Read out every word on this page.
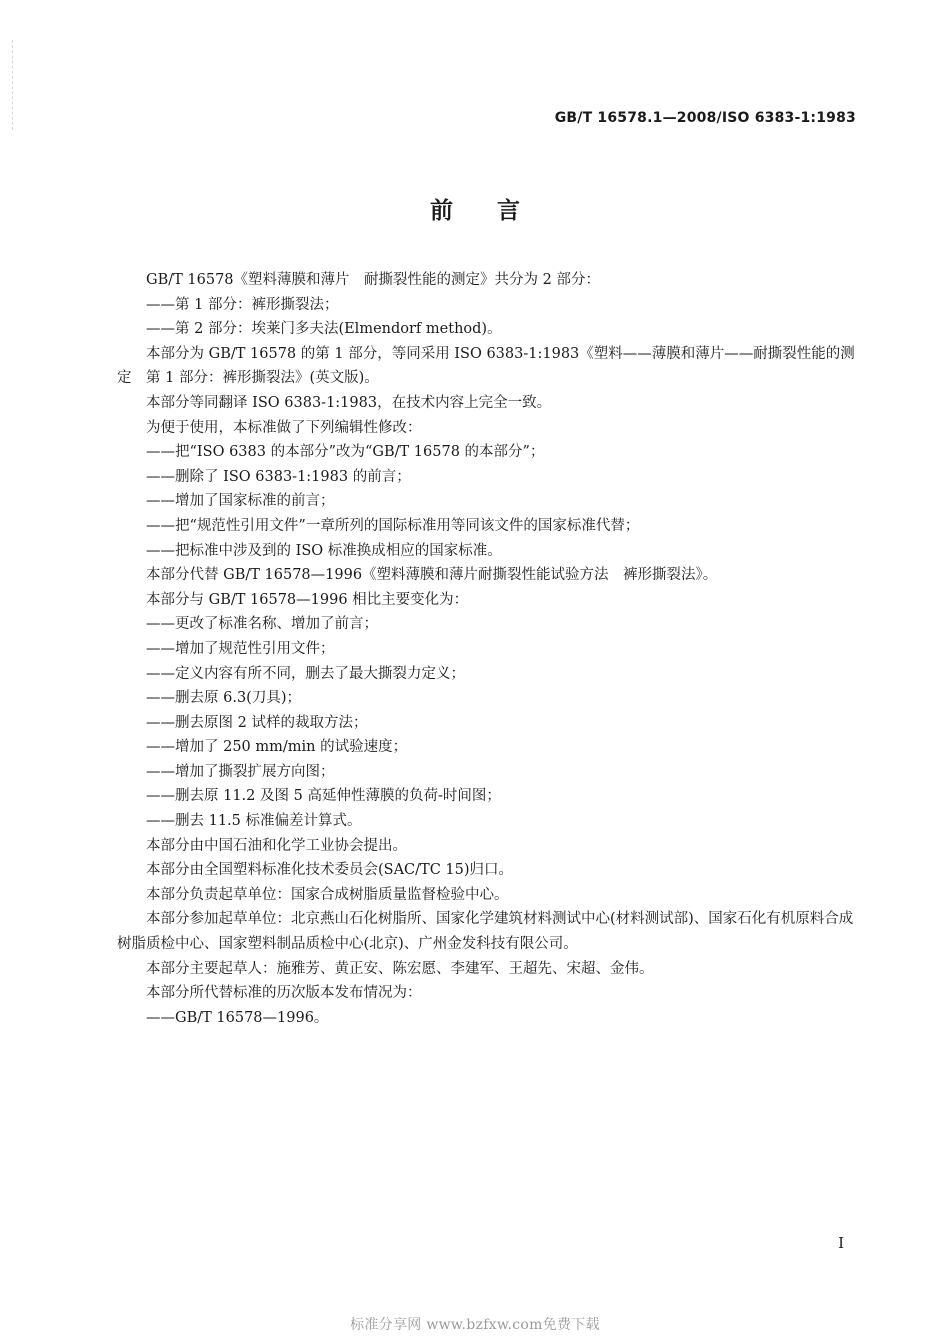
GB/T 16578.1—2008/ISO 6383-1:1983
前 言

GB/T 16578《塑料薄膜和薄片　耐撕裂性能的测定》共分为 2 部分：

——第 1 部分：裤形撕裂法；

——第 2 部分：埃莱门多夫法(Elmendorf method)。

本部分为 GB/T 16578 的第 1 部分，等同采用 ISO 6383-1:1983《塑料——薄膜和薄片——耐撕裂性能的测定　第 1 部分：裤形撕裂法》(英文版)。

本部分等同翻译 ISO 6383-1:1983，在技术内容上完全一致。

为便于使用，本标准做了下列编辑性修改：

——把“ISO 6383 的本部分”改为“GB/T 16578 的本部分”；

——删除了 ISO 6383-1:1983 的前言；

——增加了国家标准的前言；

——把“规范性引用文件”一章所列的国际标准用等同该文件的国家标准代替；

——把标准中涉及到的 ISO 标准换成相应的国家标准。

本部分代替 GB/T 16578—1996《塑料薄膜和薄片耐撕裂性能试验方法　裤形撕裂法》。

本部分与 GB/T 16578—1996 相比主要变化为：

——更改了标准名称、增加了前言；

——增加了规范性引用文件；

——定义内容有所不同，删去了最大撕裂力定义；

——删去原 6.3(刀具)；

——删去原图 2 试样的裁取方法；

——增加了 250 mm/min 的试验速度；

——增加了撕裂扩展方向图；

——删去原 11.2 及图 5 高延伸性薄膜的负荷-时间图；

——删去 11.5 标准偏差计算式。

本部分由中国石油和化学工业协会提出。

本部分由全国塑料标准化技术委员会(SAC/TC 15)归口。

本部分负责起草单位：国家合成树脂质量监督检验中心。

本部分参加起草单位：北京燕山石化树脂所、国家化学建筑材料测试中心(材料测试部)、国家石化有机原料合成树脂质检中心、国家塑料制品质检中心(北京)、广州金发科技有限公司。

本部分主要起草人：施雅芳、黄正安、陈宏愿、李建军、王超先、宋超、金伟。

本部分所代替标准的历次版本发布情况为：

——GB/T 16578—1996。

I
标准分享网 www.bzfxw.com免费下载
